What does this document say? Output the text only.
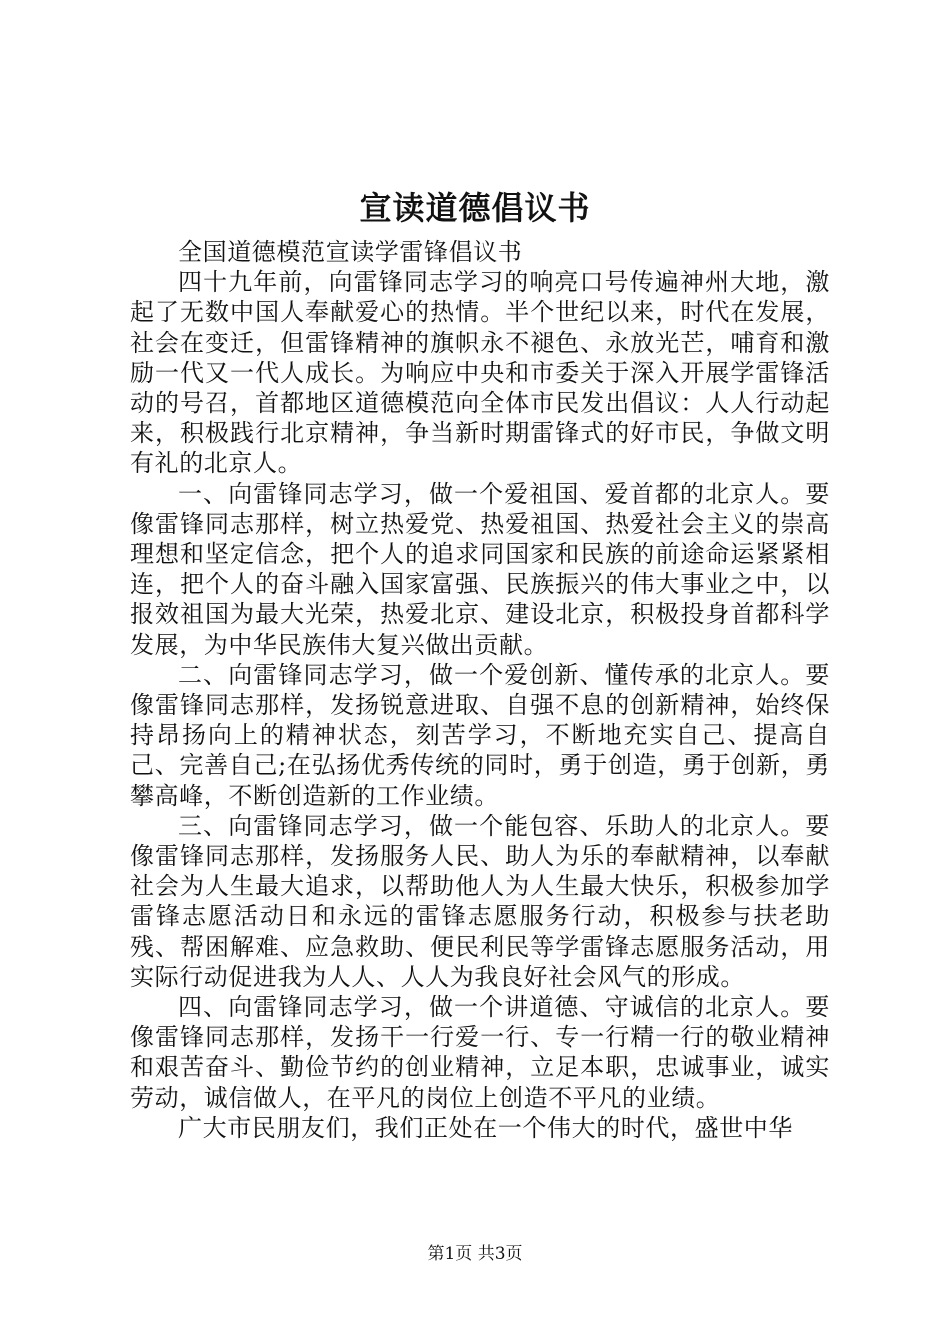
宣读道德倡议书

全国道德模范宣读学雷锋倡议书

四十九年前，向雷锋同志学习的响亮口号传遍神州大地，激起了无数中国人奉献爱心的热情。半个世纪以来，时代在发展，社会在变迁，但雷锋精神的旗帜永不褪色、永放光芒，哺育和激励一代又一代人成长。为响应中央和市委关于深入开展学雷锋活动的号召，首都地区道德模范向全体市民发出倡议：人人行动起来，积极践行北京精神，争当新时期雷锋式的好市民，争做文明有礼的北京人。

一、向雷锋同志学习，做一个爱祖国、爱首都的北京人。要像雷锋同志那样，树立热爱党、热爱祖国、热爱社会主义的崇高理想和坚定信念，把个人的追求同国家和民族的前途命运紧紧相连，把个人的奋斗融入国家富强、民族振兴的伟大事业之中，以报效祖国为最大光荣，热爱北京、建设北京，积极投身首都科学发展，为中华民族伟大复兴做出贡献。

二、向雷锋同志学习，做一个爱创新、懂传承的北京人。要像雷锋同志那样，发扬锐意进取、自强不息的创新精神，始终保持昂扬向上的精神状态，刻苦学习，不断地充实自己、提高自己、完善自己;在弘扬优秀传统的同时，勇于创造，勇于创新，勇攀高峰，不断创造新的工作业绩。

三、向雷锋同志学习，做一个能包容、乐助人的北京人。要像雷锋同志那样，发扬服务人民、助人为乐的奉献精神，以奉献社会为人生最大追求，以帮助他人为人生最大快乐，积极参加学雷锋志愿活动日和永远的雷锋志愿服务行动，积极参与扶老助残、帮困解难、应急救助、便民利民等学雷锋志愿服务活动，用实际行动促进我为人人、人人为我良好社会风气的形成。

四、向雷锋同志学习，做一个讲道德、守诚信的北京人。要像雷锋同志那样，发扬干一行爱一行、专一行精一行的敬业精神和艰苦奋斗、勤俭节约的创业精神，立足本职，忠诚事业，诚实劳动，诚信做人，在平凡的岗位上创造不平凡的业绩。

广大市民朋友们，我们正处在一个伟大的时代，盛世中华

第1页 共3页
